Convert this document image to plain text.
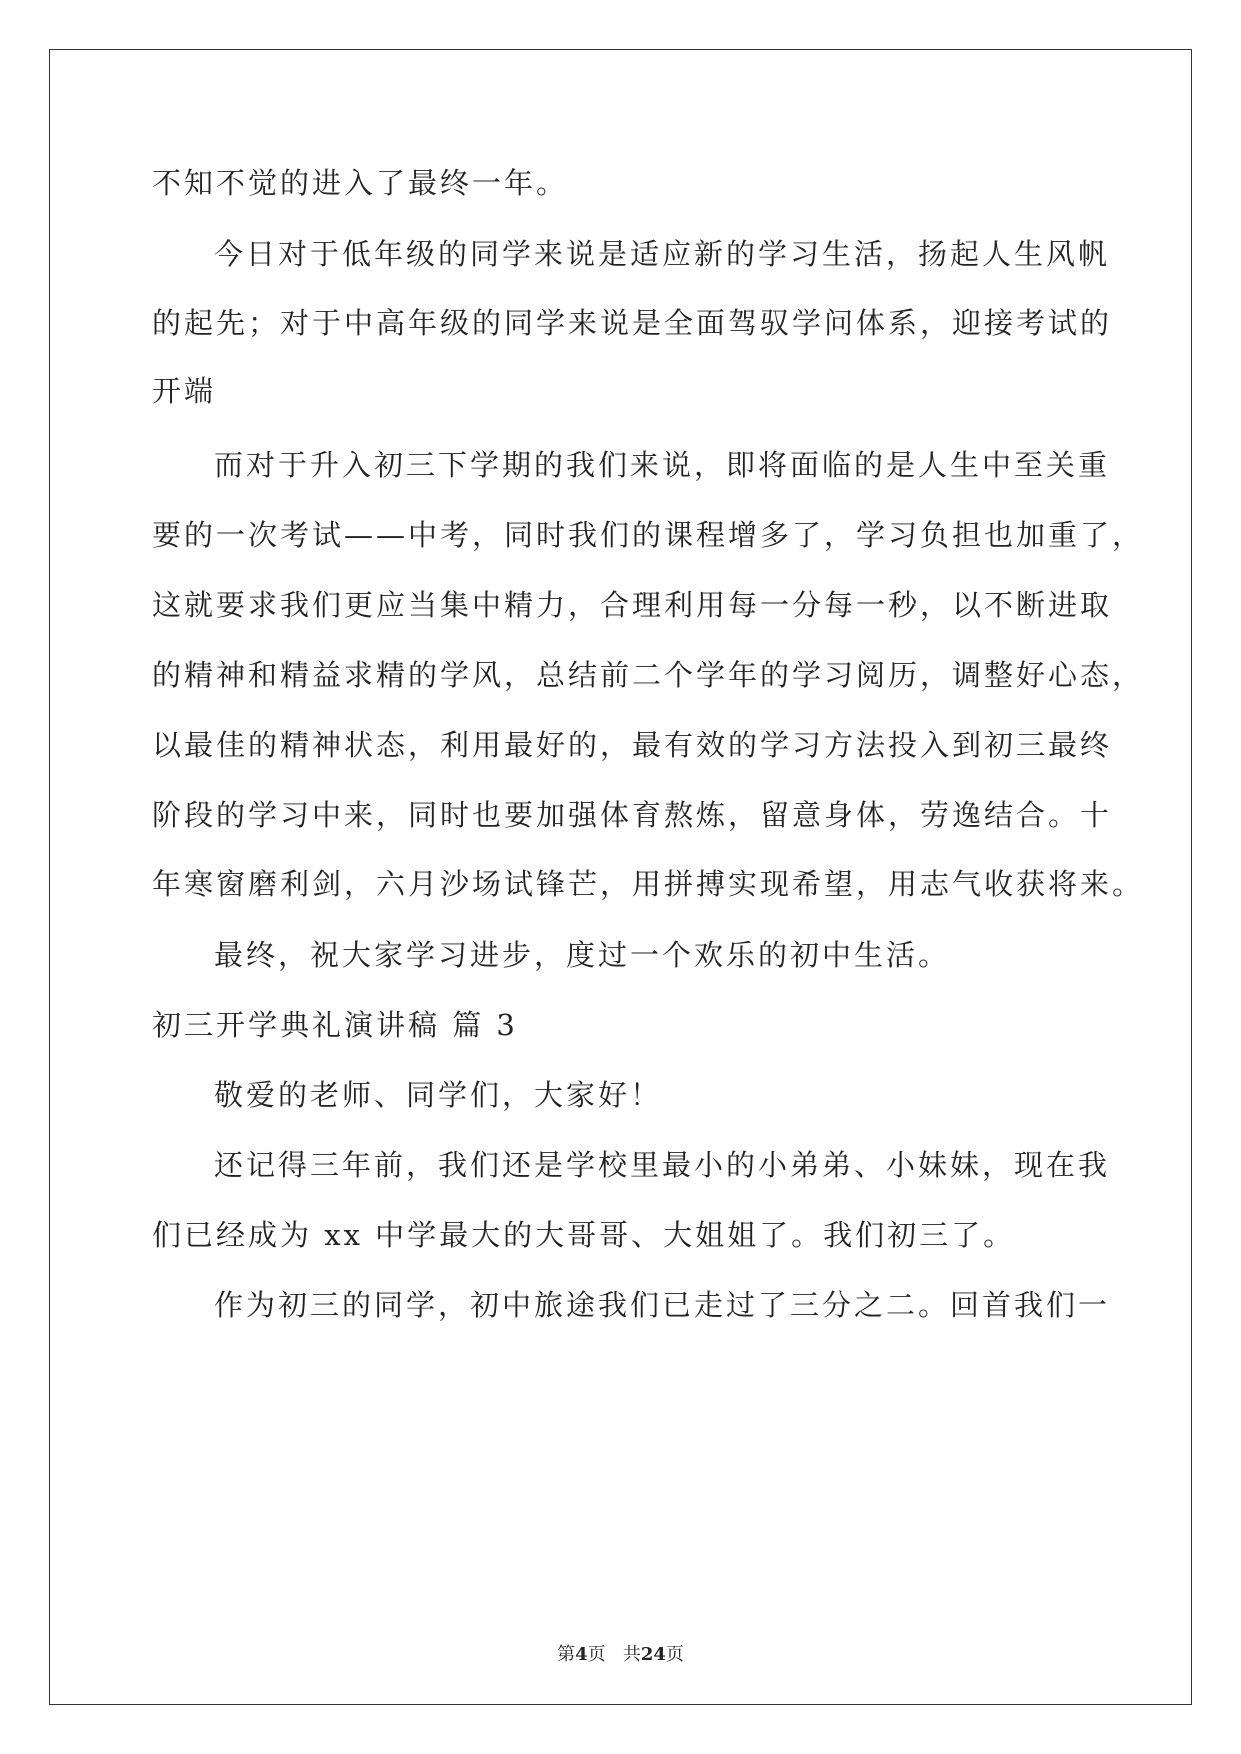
不知不觉的进入了最终一年。
今日对于低年级的同学来说是适应新的学习生活，扬起人生风帆
的起先；对于中高年级的同学来说是全面驾驭学问体系，迎接考试的
开端
而对于升入初三下学期的我们来说，即将面临的是人生中至关重
要的一次考试——中考，同时我们的课程增多了，学习负担也加重了，
这就要求我们更应当集中精力，合理利用每一分每一秒，以不断进取
的精神和精益求精的学风，总结前二个学年的学习阅历，调整好心态，
以最佳的精神状态，利用最好的，最有效的学习方法投入到初三最终
阶段的学习中来，同时也要加强体育熬炼，留意身体，劳逸结合。十
年寒窗磨利剑，六月沙场试锋芒，用拼搏实现希望，用志气收获将来。
最终，祝大家学习进步，度过一个欢乐的初中生活。
初三开学典礼演讲稿 篇 3
敬爱的老师、同学们，大家好！
还记得三年前，我们还是学校里最小的小弟弟、小妹妹，现在我
们已经成为 xx 中学最大的大哥哥、大姐姐了。我们初三了。
作为初三的同学，初中旅途我们已走过了三分之二。回首我们一
第4页 共24页
